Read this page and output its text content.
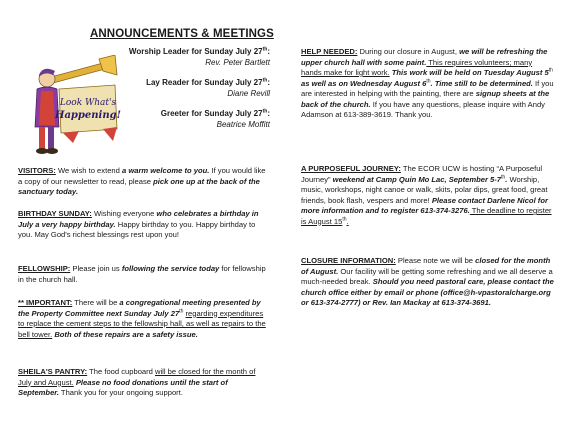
ANNOUNCEMENTS & MEETINGS
Look What's
Happening!
Worship Leader for Sunday July 27th:
Rev. Peter Bartlett
Lay Reader for Sunday July 27th:
Diane Revill
Greeter for Sunday July 27th:
Beatrice Moffitt
VISITORS: We wish to extend a warm welcome to you. If you would like a copy of our newsletter to read, please pick one up at the back of the sanctuary today.
BIRTHDAY SUNDAY: Wishing everyone who celebrates a birthday in July a very happy birthday. Happy birthday to you. Happy birthday to you. May God's richest blessings rest upon you!
FELLOWSHIP: Please join us following the service today for fellowship in the church hall.
** IMPORTANT: There will be a congregational meeting presented by the Property Committee next Sunday July 27th regarding expenditures to replace the cement steps to the fellowship hall, as well as repairs to the bell tower. Both of these repairs are a safety issue.
SHEILA'S PANTRY: The food cupboard will be closed for the month of July and August. Please no food donations until the start of September. Thank you for your ongoing support.
HELP NEEDED: During our closure in August, we will be refreshing the upper church hall with some paint. This requires volunteers; many hands make for light work. This work will be held on Tuesday August 5th as well as on Wednesday August 6th. Time still to be determined. If you are interested in helping with the painting, there are signup sheets at the back of the church. If you have any questions, please inquire with Andy Adamson at 613-389-3619. Thank you.
A PURPOSEFUL JOURNEY: The ECOR UCW is hosting “A Purposeful Journey” weekend at Camp Quin Mo Lac, September 5-7th. Worship, music, workshops, night canoe or walk, skits, polar dips, great food, great friends, book flash, vespers and more! Please contact Darlene Nicol for more information and to register 613-374-3276. The deadline to register is August 15th.
CLOSURE INFORMATION: Please note we will be closed for the month of August. Our facility will be getting some refreshing and we all deserve a much-needed break. Should you need pastoral care, please contact the church office either by email or phone (office@h-vpastoralcharge.org or 613-374-2777) or Rev. Ian Mackay at 613-374-3691.
